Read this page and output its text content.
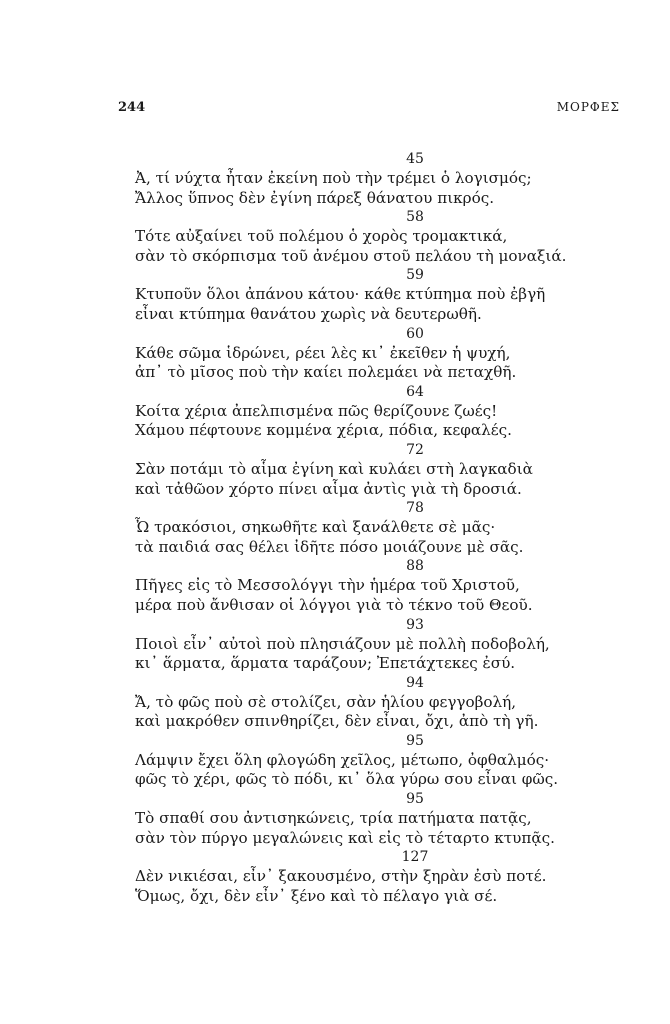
244	ΜΟΡΦΕΣ
45
Ἀ, τί νύχτα ἦταν ἐκείνη ποὺ τὴν τρέμει ὁ λογισμός;
Ἄλλος ὕπνος δὲν ἐγίνη πάρεξ θάνατου πικρός.
58
Τότε αὐξαίνει τοῦ πολέμου ὁ χορὸς τρομακτικά,
σὰν τὸ σκόρπισμα τοῦ ἀνέμου στοῦ πελάου τὴ μοναξιά.
59
Κτυποῦν ὅλοι ἀπάνου κάτου· κάθε κτύπημα ποὺ ἐβγῆ
εἶναι κτύπημα θανάτου χωρὶς νὰ δευτερωθῆ.
60
Κάθε σῶμα ἱδρώνει, ρέει λὲς κι᾿ ἐκεῖθεν ἡ ψυχή,
ἀπ᾿ τὸ μῖσος ποὺ τὴν καίει πολεμάει νὰ πεταχθῆ.
64
Κοίτα χέρια ἀπελπισμένα πῶς θερίζουνε ζωές!
Χάμου πέφτουνε κομμένα χέρια, πόδια, κεφαλές.
72
Σὰν ποτάμι τὸ αἷμα ἐγίνη καὶ κυλάει στὴ λαγκαδιὰ
καὶ τἀθῶον χόρτο πίνει αἷμα ἀντὶς γιὰ τὴ δροσιά.
78
Ὦ τρακόσιοι, σηκωθῆτε καὶ ξανάλθετε σὲ μᾶς·
τὰ παιδιά σας θέλει ἰδῆτε πόσο μοιάζουνε μὲ σᾶς.
88
Πῆγες εἰς τὸ Μεσσολόγγι τὴν ἡμέρα τοῦ Χριστοῦ,
μέρα ποὺ ἄνθισαν οἱ λόγγοι γιὰ τὸ τέκνο τοῦ Θεοῦ.
93
Ποιοὶ εἶν᾿ αὐτοὶ ποὺ πλησιάζουν μὲ πολλὴ ποδοβολή,
κι᾿ ἅρματα, ἅρματα ταράζουν; Ἐπετάχτεκες ἐσύ.
94
Ἄ, τὸ φῶς ποὺ σὲ στολίζει, σὰν ἡλίου φεγγοβολή,
καὶ μακρόθεν σπινθηρίζει, δὲν εἶναι, ὄχι, ἀπὸ τὴ γῆ.
95
Λάμψιν ἔχει ὅλη φλογώδη χεῖλος, μέτωπο, ὀφθαλμός·
φῶς τὸ χέρι, φῶς τὸ πόδι, κι᾿ ὅλα γύρω σου εἶναι φῶς.
95
Τὸ σπαθί σου ἀντισηκώνεις, τρία πατήματα πατᾷς,
σὰν τὸν πύργο μεγαλώνεις καὶ εἰς τὸ τέταρτο κτυπᾷς.
127
Δὲν νικιέσαι, εἶν᾿ ξακουσμένο, στὴν ξηρὰν ἐσὺ ποτέ.
Ὅμως, ὄχι, δὲν εἶν᾿ ξένο καὶ τὸ πέλαγο γιὰ σέ.
